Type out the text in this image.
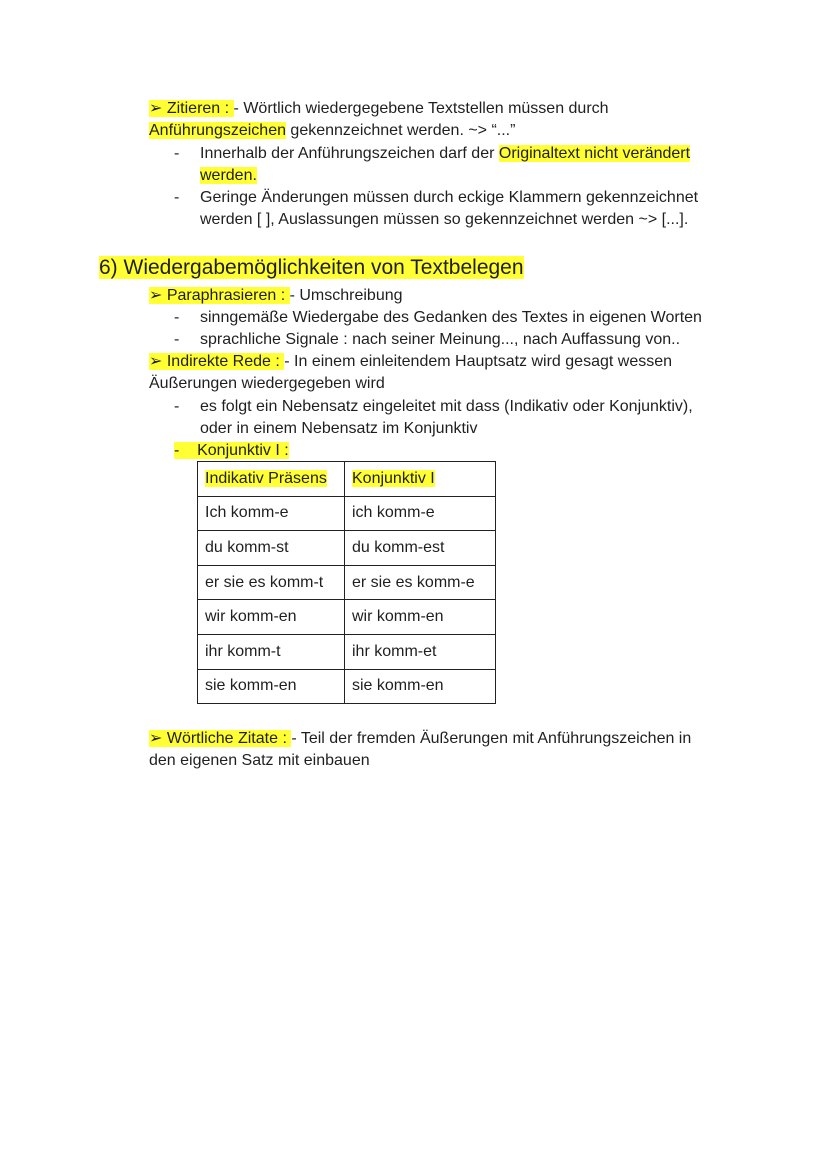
➢ Zitieren : - Wörtlich wiedergegebene Textstellen müssen durch
Anführungszeichen gekennzeichnet werden. ~> “...”
- Innerhalb der Anführungszeichen darf der Originaltext nicht verändert
werden.
- Geringe Änderungen müssen durch eckige Klammern gekennzeichnet
werden [ ], Auslassungen müssen so gekennzeichnet werden ~> [...].
6) Wiedergabemöglichkeiten von Textbelegen
➢ Paraphrasieren : - Umschreibung
- sinngemäße Wiedergabe des Gedanken des Textes in eigenen Worten
- sprachliche Signale : nach seiner Meinung..., nach Auffassung von..
➢ Indirekte Rede : - In einem einleitendem Hauptsatz wird gesagt wessen
Äußerungen wiedergegeben wird
- es folgt ein Nebensatz eingeleitet mit dass (Indikativ oder Konjunktiv),
oder in einem Nebensatz im Konjunktiv
-    Konjunktiv I :
Indikativ Präsens	Konjunktiv I
Ich komm-e	ich komm-e
du komm-st	du komm-est
er sie es komm-t	er sie es komm-e
wir komm-en	wir komm-en
ihr komm-t	ihr komm-et
sie komm-en	sie komm-en
➢ Wörtliche Zitate : - Teil der fremden Äußerungen mit Anführungszeichen in
den eigenen Satz mit einbauen
